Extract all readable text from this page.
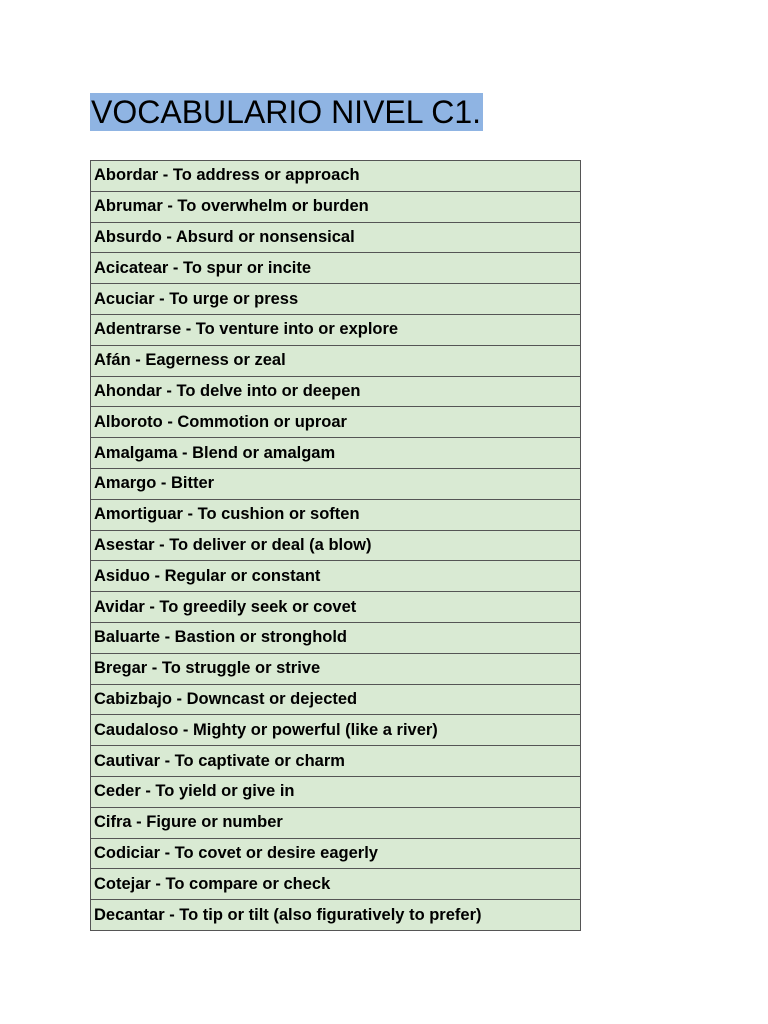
VOCABULARIO NIVEL C1.
Abordar - To address or approach
Abrumar - To overwhelm or burden
Absurdo - Absurd or nonsensical
Acicatear - To spur or incite
Acuciar - To urge or press
Adentrarse - To venture into or explore
Afán - Eagerness or zeal
Ahondar - To delve into or deepen
Alboroto - Commotion or uproar
Amalgama - Blend or amalgam
Amargo - Bitter
Amortiguar - To cushion or soften
Asestar - To deliver or deal (a blow)
Asiduo - Regular or constant
Avidar - To greedily seek or covet
Baluarte - Bastion or stronghold
Bregar - To struggle or strive
Cabizbajo - Downcast or dejected
Caudaloso - Mighty or powerful (like a river)
Cautivar - To captivate or charm
Ceder - To yield or give in
Cifra - Figure or number
Codiciar - To covet or desire eagerly
Cotejar - To compare or check
Decantar - To tip or tilt (also figuratively to prefer)
